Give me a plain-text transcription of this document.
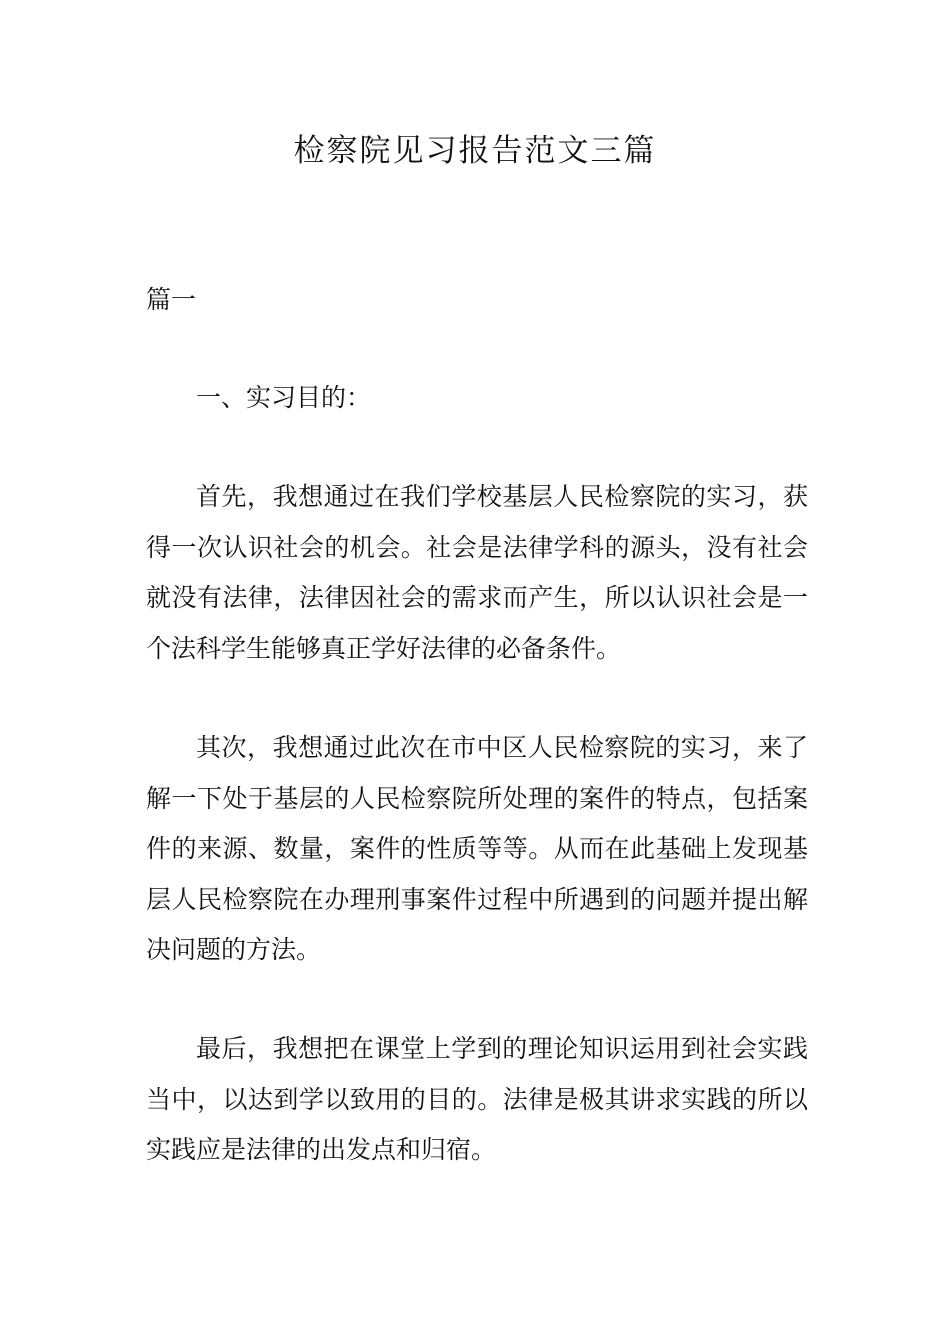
检察院见习报告范文三篇

篇一

一、实习目的：

首先，我想通过在我们学校基层人民检察院的实习，获得一次认识社会的机会。社会是法律学科的源头，没有社会就没有法律，法律因社会的需求而产生，所以认识社会是一个法科学生能够真正学好法律的必备条件。

其次，我想通过此次在市中区人民检察院的实习，来了解一下处于基层的人民检察院所处理的案件的特点，包括案件的来源、数量，案件的性质等等。从而在此基础上发现基层人民检察院在办理刑事案件过程中所遇到的问题并提出解决问题的方法。

最后，我想把在课堂上学到的理论知识运用到社会实践当中，以达到学以致用的目的。法律是极其讲求实践的所以实践应是法律的出发点和归宿。
